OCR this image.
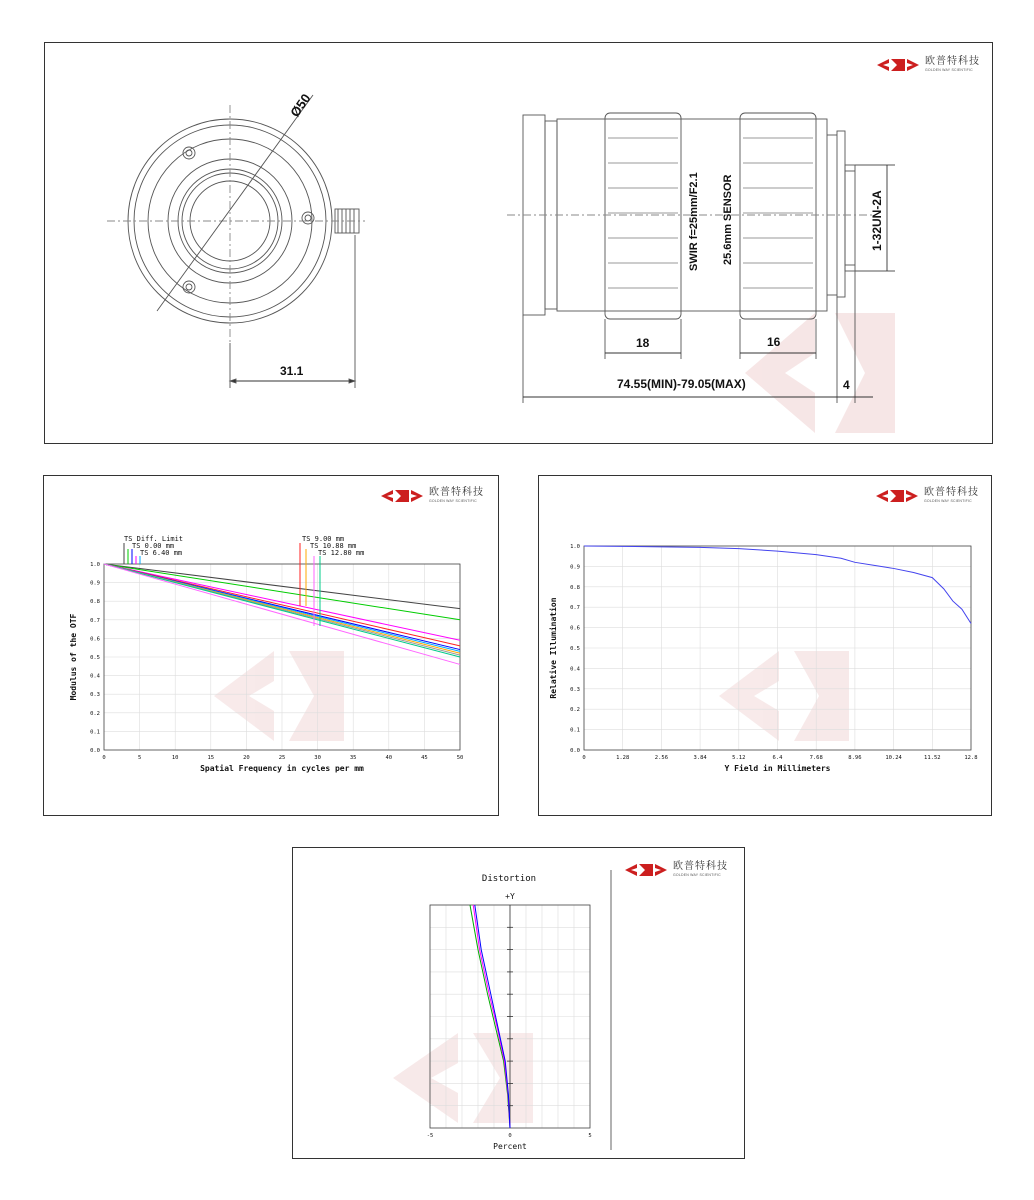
欧普特科技
GOLDEN WAY SCIENTIFIC
Ø50
31.1
SWIR f=25mm/F2.1 25.6mm SENSOR	1-32UN-2A
18	16
74.55(MIN)-79.05(MAX)	4
欧普特科技
GOLDEN WAY SCIENTIFIC
0	5	10	15	20	25	30	35	40	45	50
0.0
0.1
0.2
0.3
0.4
0.5
0.6
0.7
0.8
0.9
1.0
Spatial Frequency in cycles per mm
Modulus of the OTF
TS Diff. Limit
TS 0.00 mm
TS 6.40 mm
TS 9.00 mm
TS 10.88 mm
TS 12.80 mm
欧普特科技
GOLDEN WAY SCIENTIFIC
0	1.28	2.56	3.84	5.12	6.4	7.68	8.96	10.24	11.52	12.8
0.0
0.1
0.2
0.3
0.4
0.5
0.6
0.7
0.8
0.9
1.0
Y Field in Millimeters
Relative Illumination
欧普特科技
GOLDEN WAY SCIENTIFIC
Distortion
+Y
-5	0	5
Percent
